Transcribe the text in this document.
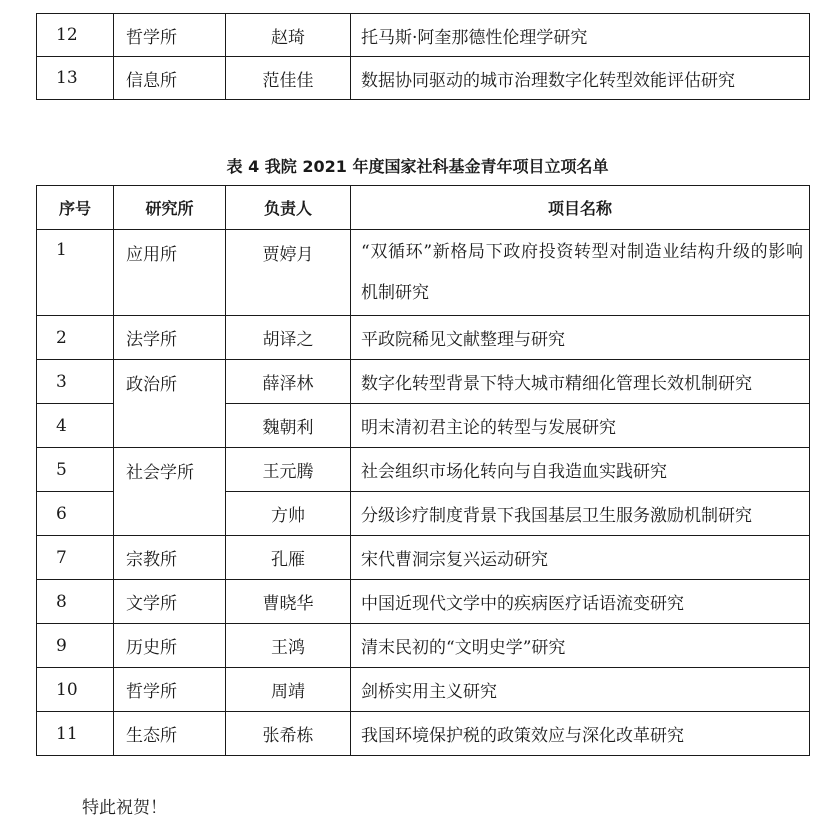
12	哲学所	赵琦	托马斯·阿奎那德性伦理学研究
13	信息所	范佳佳	数据协同驱动的城市治理数字化转型效能评估研究
表 4 我院 2021 年度国家社科基金青年项目立项名单
序号	研究所	负责人	项目名称
1	应用所	贾婷月	“双循环”新格局下政府投资转型对制造业结构升级的影响机制研究
2	法学所	胡译之	平政院稀见文献整理与研究
3	政治所	薛泽林	数字化转型背景下特大城市精细化管理长效机制研究
4		魏朝利	明末清初君主论的转型与发展研究
5	社会学所	王元腾	社会组织市场化转向与自我造血实践研究
6		方帅	分级诊疗制度背景下我国基层卫生服务激励机制研究
7	宗教所	孔雁	宋代曹洞宗复兴运动研究
8	文学所	曹晓华	中国近现代文学中的疾病医疗话语流变研究
9	历史所	王鸿	清末民初的“文明史学”研究
10	哲学所	周靖	剑桥实用主义研究
11	生态所	张希栋	我国环境保护税的政策效应与深化改革研究
特此祝贺！
